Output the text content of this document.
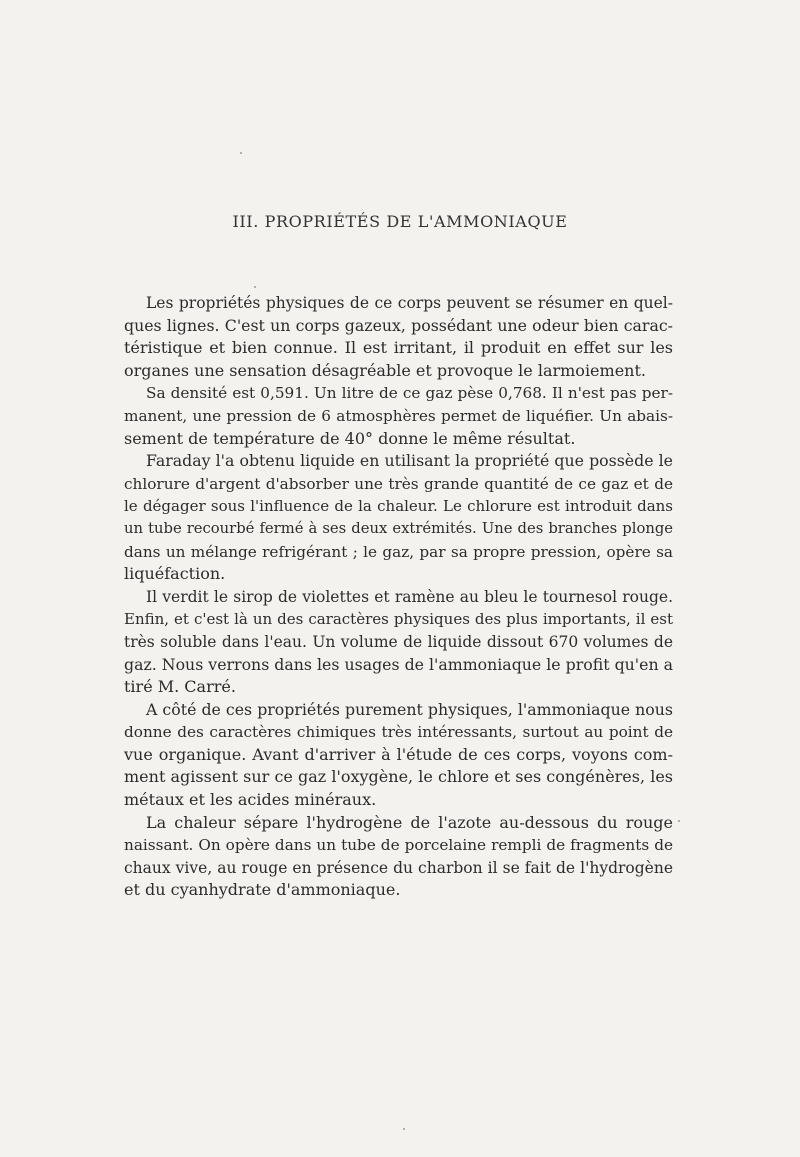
III. PROPRIÉTÉS DE L'AMMONIAQUE
Les propriétés physiques de ce corps peuvent se résumer en quel-
ques lignes. C'est un corps gazeux, possédant une odeur bien carac-
téristique et bien connue. Il est irritant, il produit en effet sur les
organes une sensation désagréable et provoque le larmoiement.
Sa densité est 0,591. Un litre de ce gaz pèse 0,768. Il n'est pas per-
manent, une pression de 6 atmosphères permet de liquéfier. Un abais-
sement de température de 40° donne le même résultat.
Faraday l'a obtenu liquide en utilisant la propriété que possède le
chlorure d'argent d'absorber une très grande quantité de ce gaz et de
le dégager sous l'influence de la chaleur. Le chlorure est introduit dans
un tube recourbé fermé à ses deux extrémités. Une des branches plonge
dans un mélange refrigérant ; le gaz, par sa propre pression, opère sa
liquéfaction.
Il verdit le sirop de violettes et ramène au bleu le tournesol rouge.
Enfin, et c'est là un des caractères physiques des plus importants, il est
très soluble dans l'eau. Un volume de liquide dissout 670 volumes de
gaz. Nous verrons dans les usages de l'ammoniaque le profit qu'en a
tiré M. Carré.
A côté de ces propriétés purement physiques, l'ammoniaque nous
donne des caractères chimiques très intéressants, surtout au point de
vue organique. Avant d'arriver à l'étude de ces corps, voyons com-
ment agissent sur ce gaz l'oxygène, le chlore et ses congénères, les
métaux et les acides minéraux.
La chaleur sépare l'hydrogène de l'azote au-dessous du rouge
naissant. On opère dans un tube de porcelaine rempli de fragments de
chaux vive, au rouge en présence du charbon il se fait de l'hydrogène
et du cyanhydrate d'ammoniaque.
